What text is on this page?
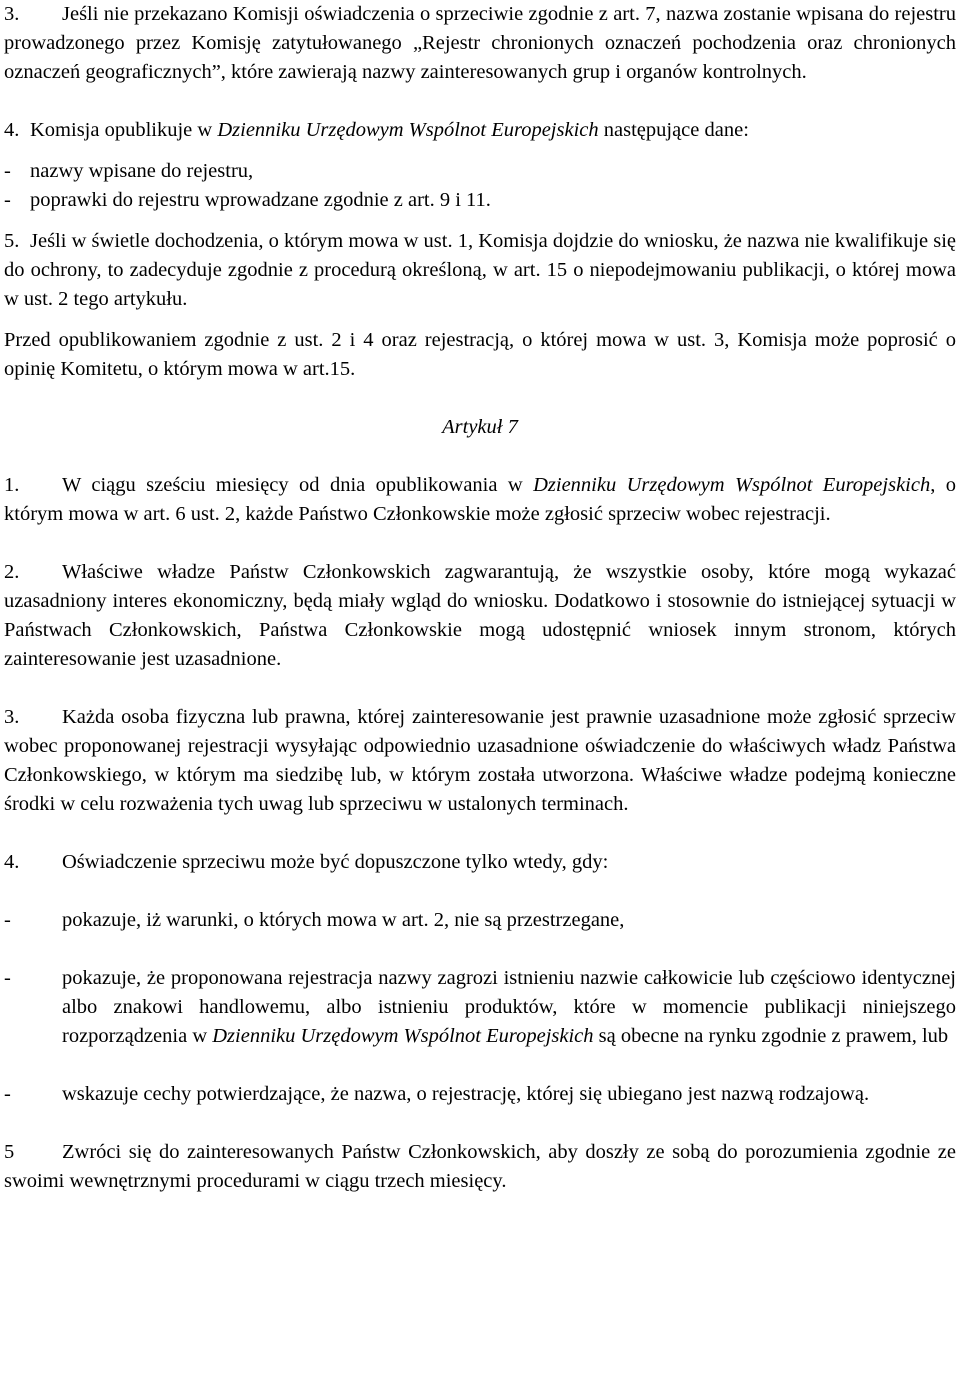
3. Jeśli nie przekazano Komisji oświadczenia o sprzeciwie zgodnie z art. 7, nazwa zostanie wpisana do rejestru prowadzonego przez Komisję zatytułowanego „Rejestr chronionych oznaczeń pochodzenia oraz chronionych oznaczeń geograficznych”, które zawierają nazwy zainteresowanych grup i organów kontrolnych.

4. Komisja opublikuje w Dzienniku Urzędowym Wspólnot Europejskich następujące dane:

- nazwy wpisane do rejestru,
- poprawki do rejestru wprowadzane zgodnie z art. 9 i 11.

5. Jeśli w świetle dochodzenia, o którym mowa w ust. 1, Komisja dojdzie do wniosku, że nazwa nie kwalifikuje się do ochrony, to zadecyduje zgodnie z procedurą określoną, w art. 15 o niepodejmowaniu publikacji, o której mowa w ust. 2 tego artykułu.

Przed opublikowaniem zgodnie z ust. 2 i 4 oraz rejestracją, o której mowa w ust. 3, Komisja może poprosić o opinię Komitetu, o którym mowa w art.15.

Artykuł 7

1. W ciągu sześciu miesięcy od dnia opublikowania w Dzienniku Urzędowym Wspólnot Europejskich, o którym mowa w art. 6 ust. 2, każde Państwo Członkowskie może zgłosić sprzeciw wobec rejestracji.

2. Właściwe władze Państw Członkowskich zagwarantują, że wszystkie osoby, które mogą wykazać uzasadniony interes ekonomiczny, będą miały wgląd do wniosku. Dodatkowo i stosownie do istniejącej sytuacji w Państwach Członkowskich, Państwa Członkowskie mogą udostępnić wniosek innym stronom, których zainteresowanie jest uzasadnione.

3. Każda osoba fizyczna lub prawna, której zainteresowanie jest prawnie uzasadnione może zgłosić sprzeciw wobec proponowanej rejestracji wysyłając odpowiednio uzasadnione oświadczenie do właściwych władz Państwa Członkowskiego, w którym ma siedzibę lub, w którym została utworzona. Właściwe władze podejmą konieczne środki w celu rozważenia tych uwag lub sprzeciwu w ustalonych terminach.

4. Oświadczenie sprzeciwu może być dopuszczone tylko wtedy, gdy:

-	pokazuje, iż warunki, o których mowa w art. 2, nie są przestrzegane,
-	pokazuje, że proponowana rejestracja nazwy zagrozi istnieniu nazwie całkowicie lub częściowo identycznej albo znakowi handlowemu, albo istnieniu produktów, które w momencie publikacji niniejszego rozporządzenia w Dzienniku Urzędowym Wspólnot Europejskich są obecne na rynku zgodnie z prawem, lub
-	wskazuje cechy potwierdzające, że nazwa, o rejestrację, której się ubiegano jest nazwą rodzajową.

5 Zwróci się do zainteresowanych Państw Członkowskich, aby doszły ze sobą do porozumienia zgodnie ze swoimi wewnętrznymi procedurami w ciągu trzech miesięcy.
